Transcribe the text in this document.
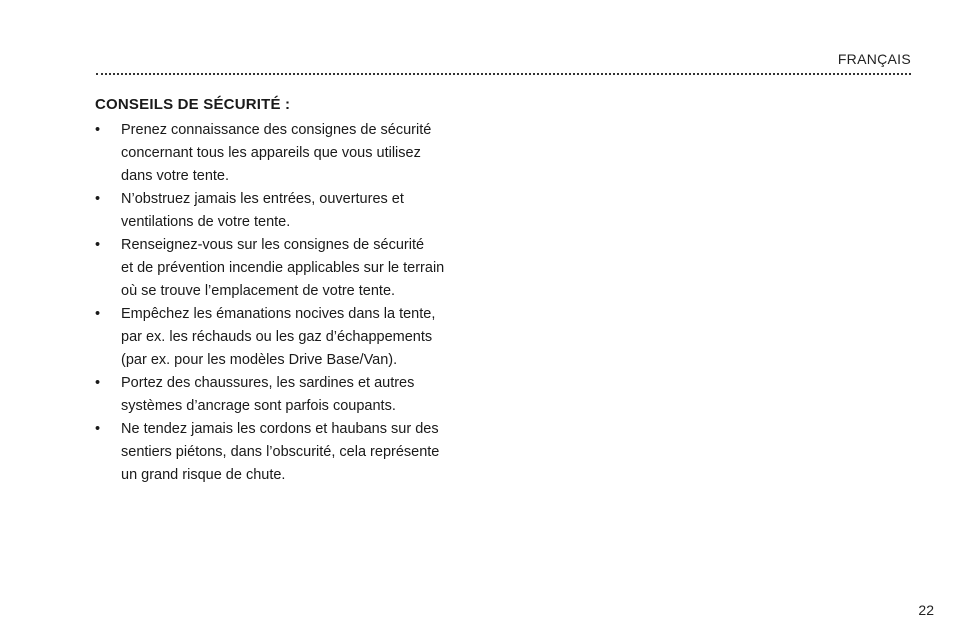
FRANÇAIS
CONSEILS DE SÉCURITÉ :
•	Prenez connaissance des consignes de sécurité
concernant tous les appareils que vous utilisez
dans votre tente.
•	N’obstruez jamais les entrées, ouvertures et
ventilations de votre tente.
•	Renseignez-vous sur les consignes de sécurité
et de prévention incendie applicables sur le terrain
où se trouve l’emplacement de votre tente.
•	Empêchez les émanations nocives dans la tente,
par ex. les réchauds ou les gaz d’échappements
(par ex. pour les modèles Drive Base/Van).
•	Portez des chaussures, les sardines et autres
systèmes d’ancrage sont parfois coupants.
•	Ne tendez jamais les cordons et haubans sur des
sentiers piétons, dans l’obscurité, cela représente
un grand risque de chute.
22
